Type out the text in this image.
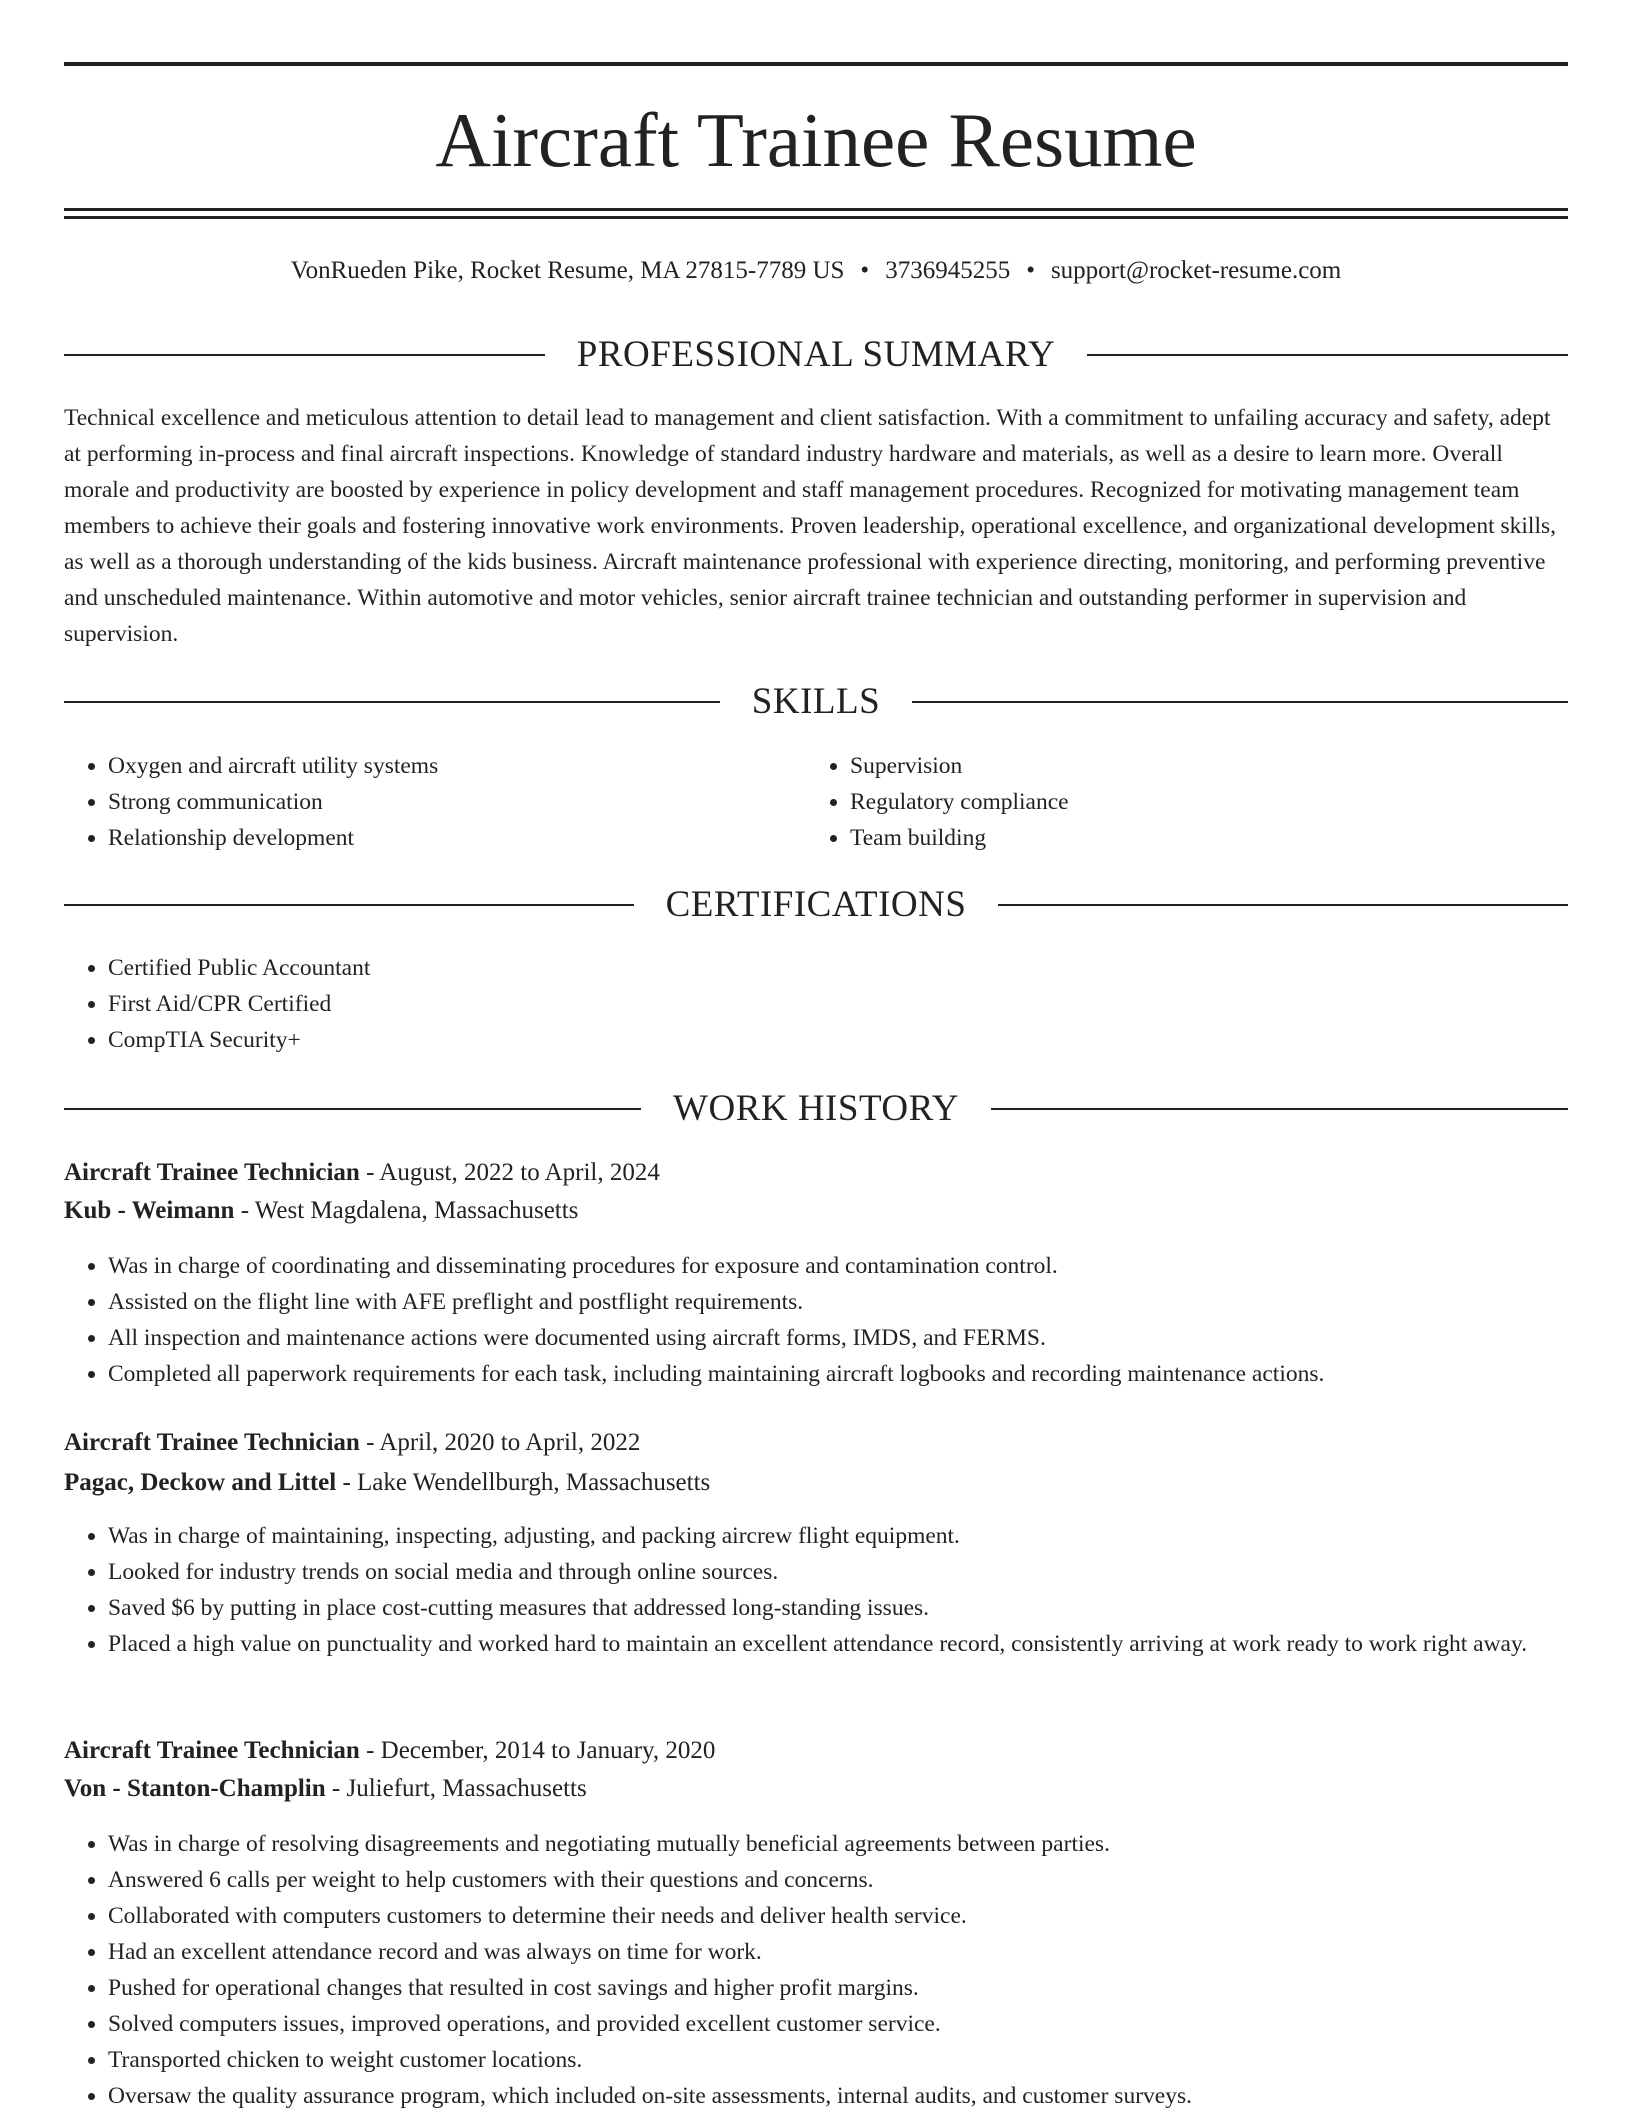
Aircraft Trainee Resume
VonRueden Pike, Rocket Resume, MA 27815-7789 US • 3736945255 • support@rocket-resume.com
PROFESSIONAL SUMMARY

Technical excellence and meticulous attention to detail lead to management and client satisfaction. With a commitment to unfailing accuracy and safety, adept at performing in-process and final aircraft inspections. Knowledge of standard industry hardware and materials, as well as a desire to learn more. Overall morale and productivity are boosted by experience in policy development and staff management procedures. Recognized for motivating management team members to achieve their goals and fostering innovative work environments. Proven leadership, operational excellence, and organizational development skills, as well as a thorough understanding of the kids business. Aircraft maintenance professional with experience directing, monitoring, and performing preventive and unscheduled maintenance. Within automotive and motor vehicles, senior aircraft trainee technician and outstanding performer in supervision and supervision.

SKILLS
• Oxygen and aircraft utility systems
• Strong communication
• Relationship development
• Supervision
• Regulatory compliance
• Team building
CERTIFICATIONS
• Certified Public Accountant
• First Aid/CPR Certified
• CompTIA Security+
WORK HISTORY
Aircraft Trainee Technician - August, 2022 to April, 2024
Kub - Weimann - West Magdalena, Massachusetts
• Was in charge of coordinating and disseminating procedures for exposure and contamination control.
• Assisted on the flight line with AFE preflight and postflight requirements.
• All inspection and maintenance actions were documented using aircraft forms, IMDS, and FERMS.
• Completed all paperwork requirements for each task, including maintaining aircraft logbooks and recording maintenance actions.
Aircraft Trainee Technician - April, 2020 to April, 2022
Pagac, Deckow and Littel - Lake Wendellburgh, Massachusetts
• Was in charge of maintaining, inspecting, adjusting, and packing aircrew flight equipment.
• Looked for industry trends on social media and through online sources.
• Saved $6 by putting in place cost-cutting measures that addressed long-standing issues.
• Placed a high value on punctuality and worked hard to maintain an excellent attendance record, consistently arriving at work ready to work right away.
Aircraft Trainee Technician - December, 2014 to January, 2020
Von - Stanton-Champlin - Juliefurt, Massachusetts
• Was in charge of resolving disagreements and negotiating mutually beneficial agreements between parties.
• Answered 6 calls per weight to help customers with their questions and concerns.
• Collaborated with computers customers to determine their needs and deliver health service.
• Had an excellent attendance record and was always on time for work.
• Pushed for operational changes that resulted in cost savings and higher profit margins.
• Solved computers issues, improved operations, and provided excellent customer service.
• Transported chicken to weight customer locations.
• Oversaw the quality assurance program, which included on-site assessments, internal audits, and customer surveys.
